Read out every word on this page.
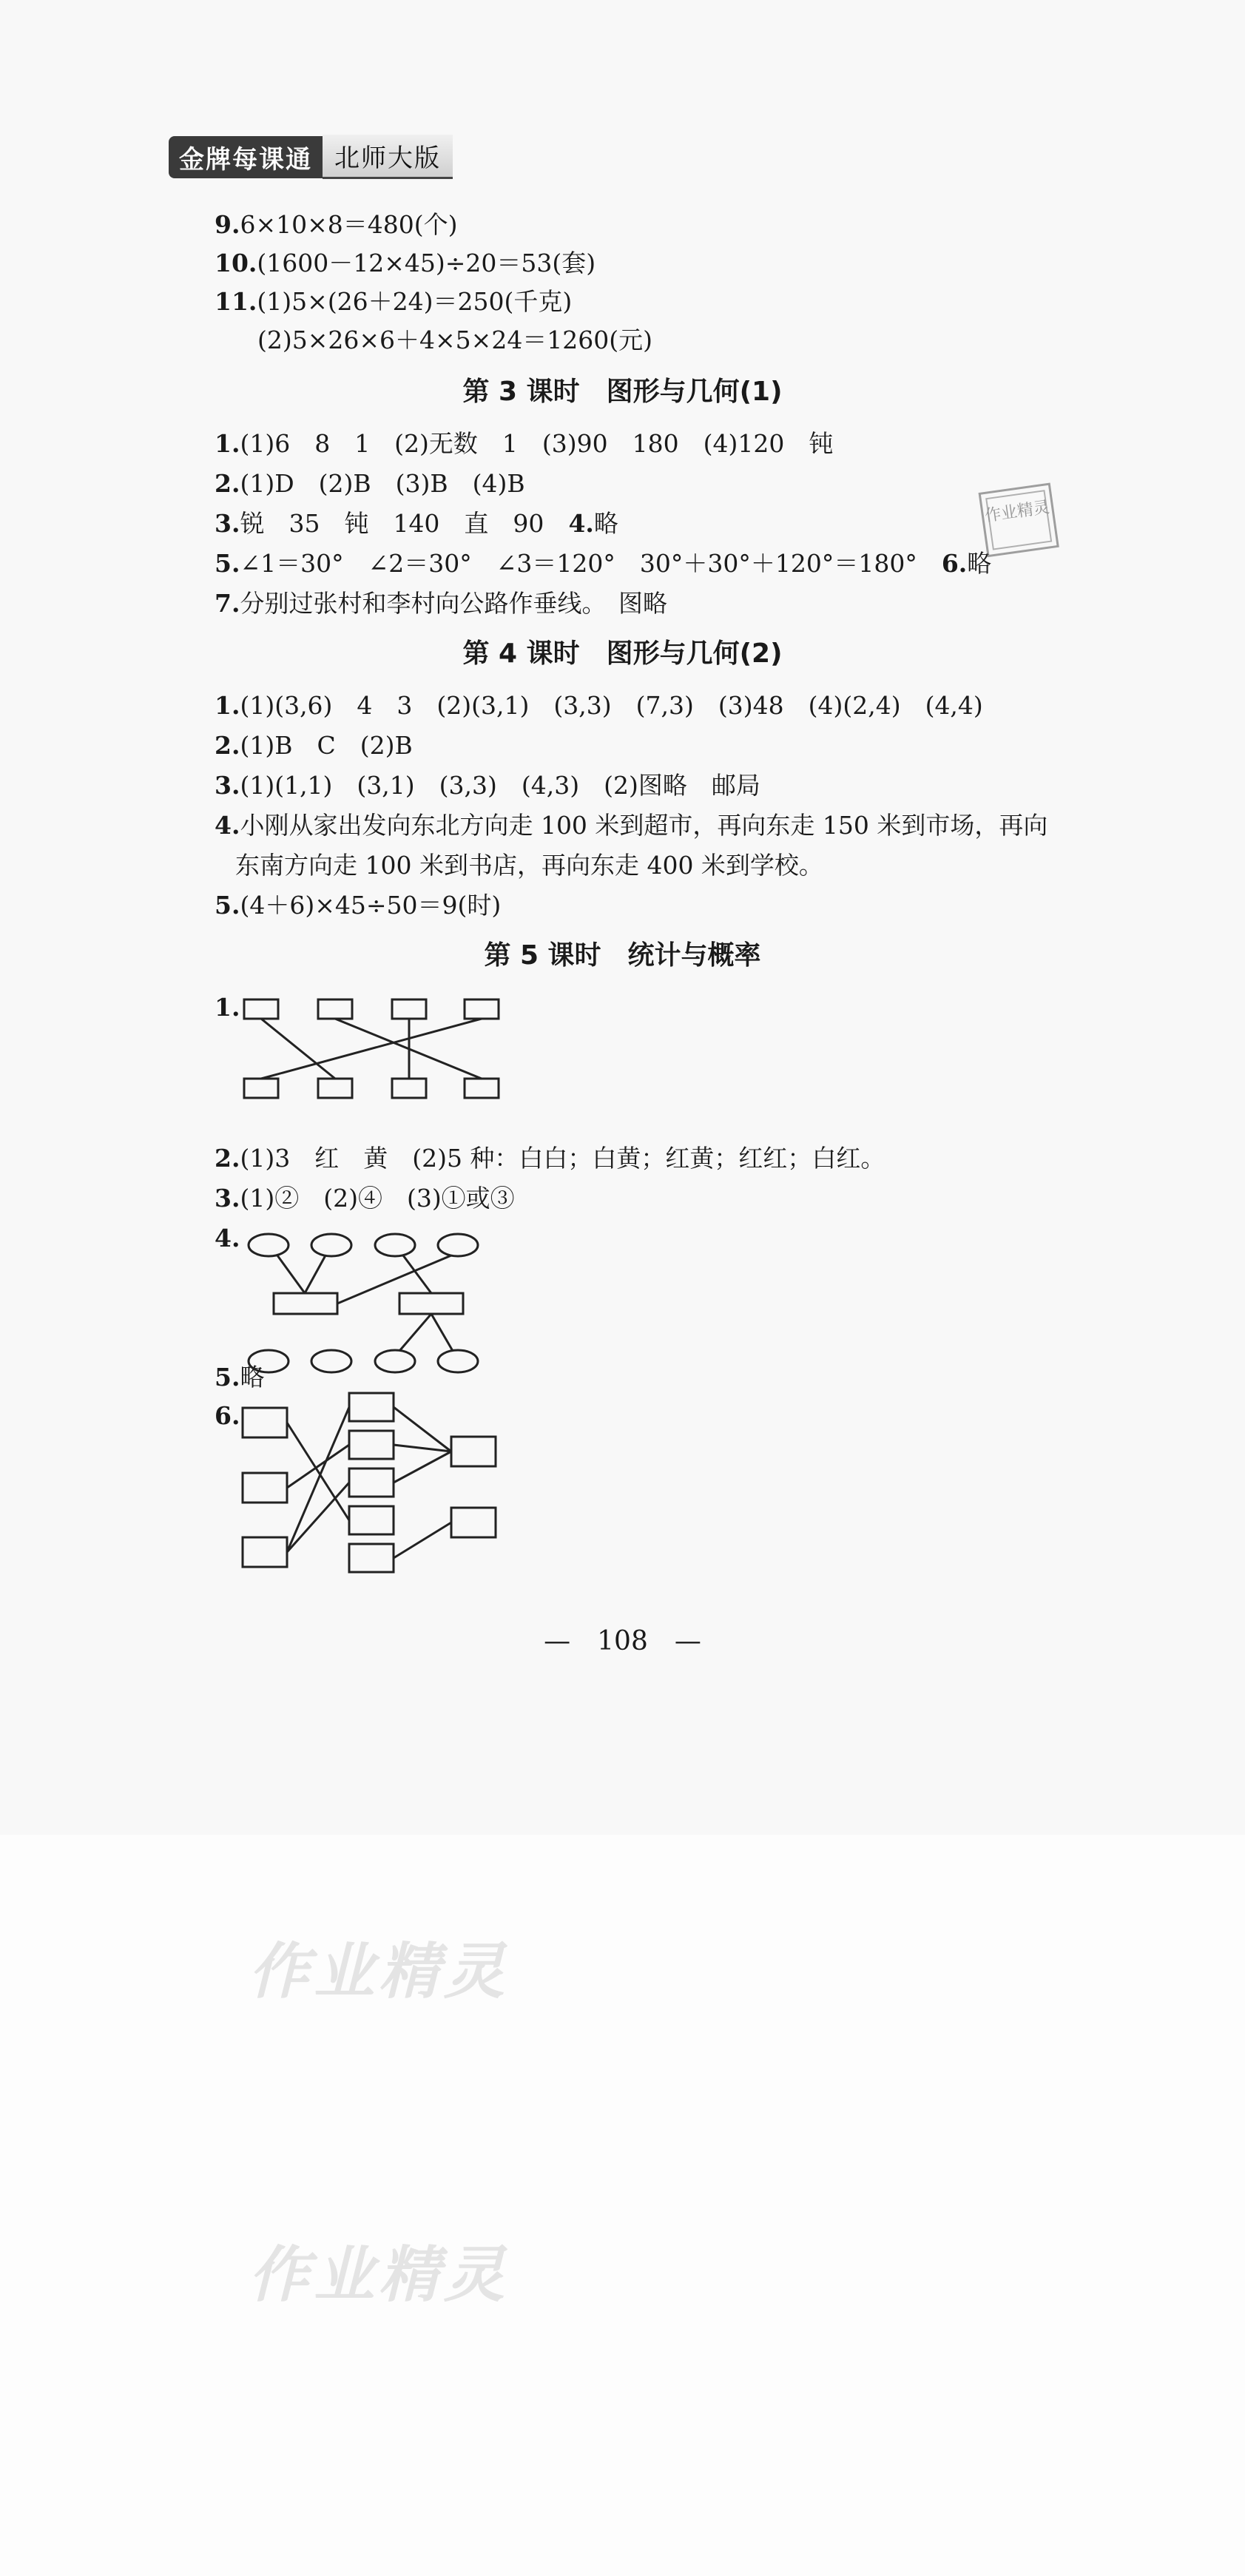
金牌每课通 北师大版
9.6×10×8＝480(个)
10.(1600－12×45)÷20＝53(套)
11.(1)5×(26＋24)＝250(千克)
(2)5×26×6＋4×5×24＝1260(元)
第 3 课时　图形与几何(1)
1.(1)6　8　1　(2)无数　1　(3)90　180　(4)120　钝
2.(1)D　(2)B　(3)B　(4)B
3.锐　35　钝　140　直　90　4.略
5.∠1＝30°　∠2＝30°　∠3＝120°　30°＋30°＋120°＝180°　6.略
7.分别过张村和李村向公路作垂线。　图略
作业精灵
第 4 课时　图形与几何(2)
1.(1)(3,6)　4　3　(2)(3,1)　(3,3)　(7,3)　(3)48　(4)(2,4)　(4,4)
2.(1)B　C　(2)B
3.(1)(1,1)　(3,1)　(3,3)　(4,3)　(2)图略　邮局
4.小刚从家出发向东北方向走 100 米到超市，再向东走 150 米到市场，再向
东南方向走 100 米到书店，再向东走 400 米到学校。
5.(4＋6)×45÷50＝9(时)
第 5 课时　统计与概率
1.
2.(1)3　红　黄　(2)5 种：白白；白黄；红黄；红红；白红。
3.(1)②　(2)④　(3)①或③
4.
5.略
6.
—　108　—
作业精灵
作业精灵
